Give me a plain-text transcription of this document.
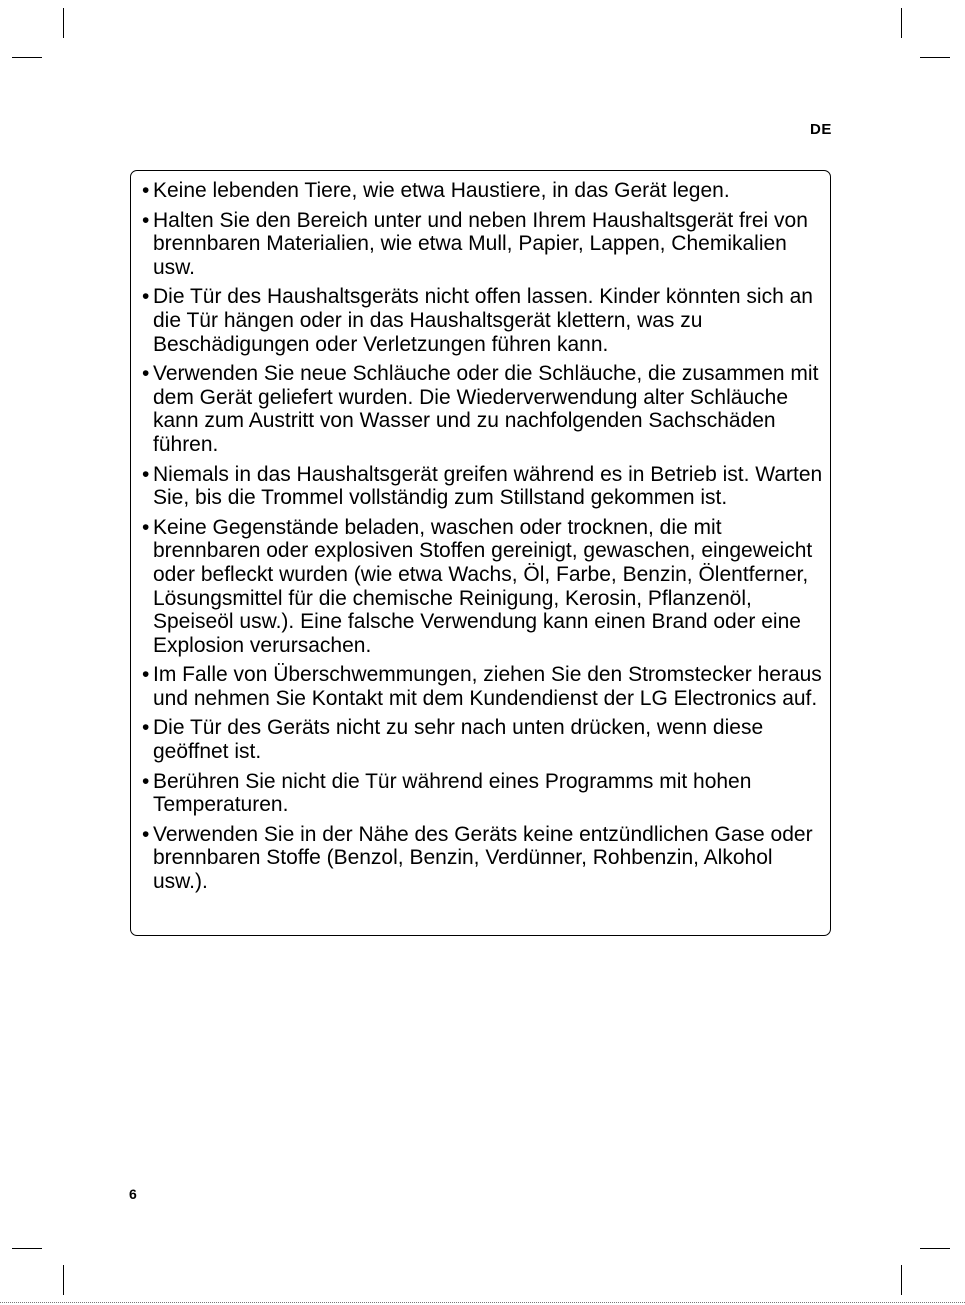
DE
• Keine lebenden Tiere, wie etwa Haustiere, in das Gerät legen.
• Halten Sie den Bereich unter und neben Ihrem Haushaltsgerät frei von brennbaren Materialien, wie etwa Mull, Papier, Lappen, Chemikalien usw.
• Die Tür des Haushaltsgeräts nicht offen lassen. Kinder könnten sich an die Tür hängen oder in das Haushaltsgerät klettern, was zu Beschädigungen oder Verletzungen führen kann.
• Verwenden Sie neue Schläuche oder die Schläuche, die zusammen mit dem Gerät geliefert wurden. Die Wiederverwendung alter Schläuche kann zum Austritt von Wasser und zu nachfolgenden Sachschäden führen.
• Niemals in das Haushaltsgerät greifen während es in Betrieb ist. Warten Sie, bis die Trommel vollständig zum Stillstand gekommen ist.
• Keine Gegenstände beladen, waschen oder trocknen, die mit brennbaren oder explosiven Stoffen gereinigt, gewaschen, eingeweicht oder befleckt wurden (wie etwa Wachs, Öl, Farbe, Benzin, Ölentferner, Lösungsmittel für die chemische Reinigung, Kerosin, Pflanzenöl, Speiseöl usw.). Eine falsche Verwendung kann einen Brand oder eine Explosion verursachen.
• Im Falle von Überschwemmungen, ziehen Sie den Stromstecker heraus und nehmen Sie Kontakt mit dem Kundendienst der LG Electronics auf.
• Die Tür des Geräts nicht zu sehr nach unten drücken, wenn diese geöffnet ist.
• Berühren Sie nicht die Tür während eines Programms mit hohen Temperaturen.
• Verwenden Sie in der Nähe des Geräts keine entzündlichen Gase oder brennbaren Stoffe (Benzol, Benzin, Verdünner, Rohbenzin, Alkohol usw.).
6
